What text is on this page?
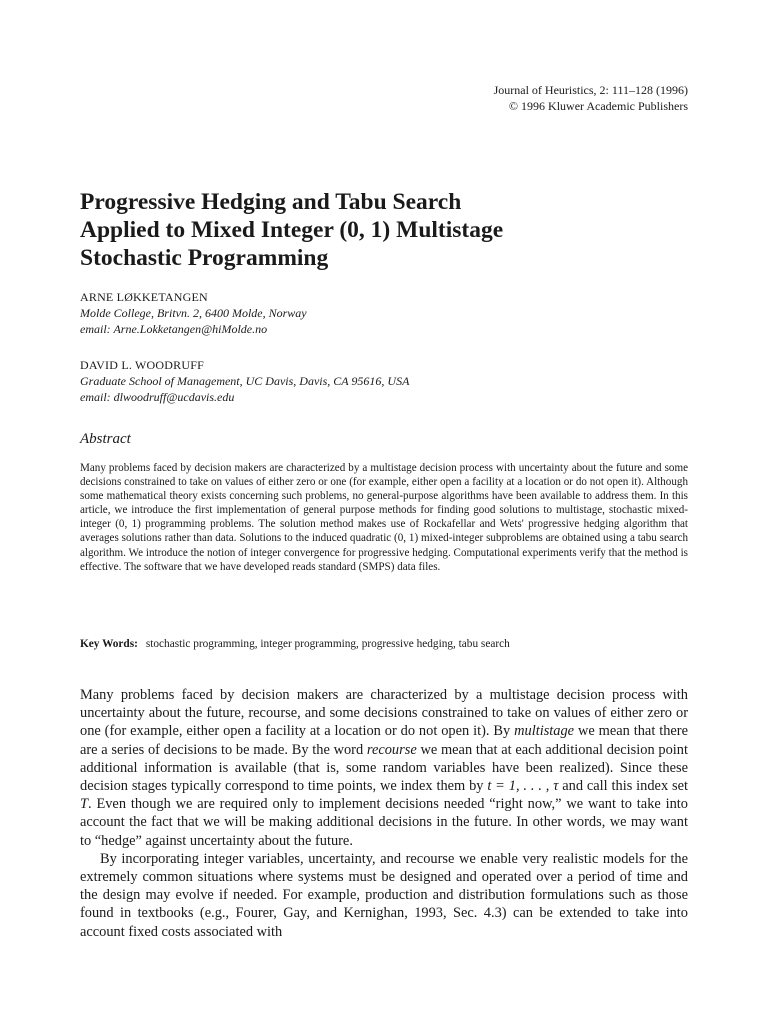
Journal of Heuristics, 2: 111–128 (1996)
© 1996 Kluwer Academic Publishers
Progressive Hedging and Tabu Search
Applied to Mixed Integer (0, 1) Multistage
Stochastic Programming
ARNE LØKKETANGEN
Molde College, Britvn. 2, 6400 Molde, Norway
email: Arne.Lokketangen@hiMolde.no
DAVID L. WOODRUFF
Graduate School of Management, UC Davis, Davis, CA 95616, USA
email: dlwoodruff@ucdavis.edu
Abstract

Many problems faced by decision makers are characterized by a multistage decision process with uncertainty about the future and some decisions constrained to take on values of either zero or one (for example, either open a facility at a location or do not open it). Although some mathematical theory exists concerning such problems, no general-purpose algorithms have been available to address them. In this article, we introduce the first implementation of general purpose methods for finding good solutions to multistage, stochastic mixed-integer (0, 1) programming problems. The solution method makes use of Rockafellar and Wets' progressive hedging algorithm that averages solutions rather than data. Solutions to the induced quadratic (0, 1) mixed-integer subproblems are obtained using a tabu search algorithm. We introduce the notion of integer convergence for progressive hedging. Computational experiments verify that the method is effective. The software that we have developed reads standard (SMPS) data files.

Key Words: stochastic programming, integer programming, progressive hedging, tabu search

Many problems faced by decision makers are characterized by a multistage decision process with uncertainty about the future, recourse, and some decisions constrained to take on values of either zero or one (for example, either open a facility at a location or do not open it). By multistage we mean that there are a series of decisions to be made. By the word recourse we mean that at each additional decision point additional information is available (that is, some random variables have been realized). Since these decision stages typically correspond to time points, we index them by t = 1, . . . , τ and call this index set T. Even though we are required only to implement decisions needed “right now,” we want to take into account the fact that we will be making additional decisions in the future. In other words, we may want to “hedge” against uncertainty about the future.

By incorporating integer variables, uncertainty, and recourse we enable very realistic models for the extremely common situations where systems must be designed and operated over a period of time and the design may evolve if needed. For example, production and distribution formulations such as those found in textbooks (e.g., Fourer, Gay, and Kernighan, 1993, Sec. 4.3) can be extended to take into account fixed costs associated with
